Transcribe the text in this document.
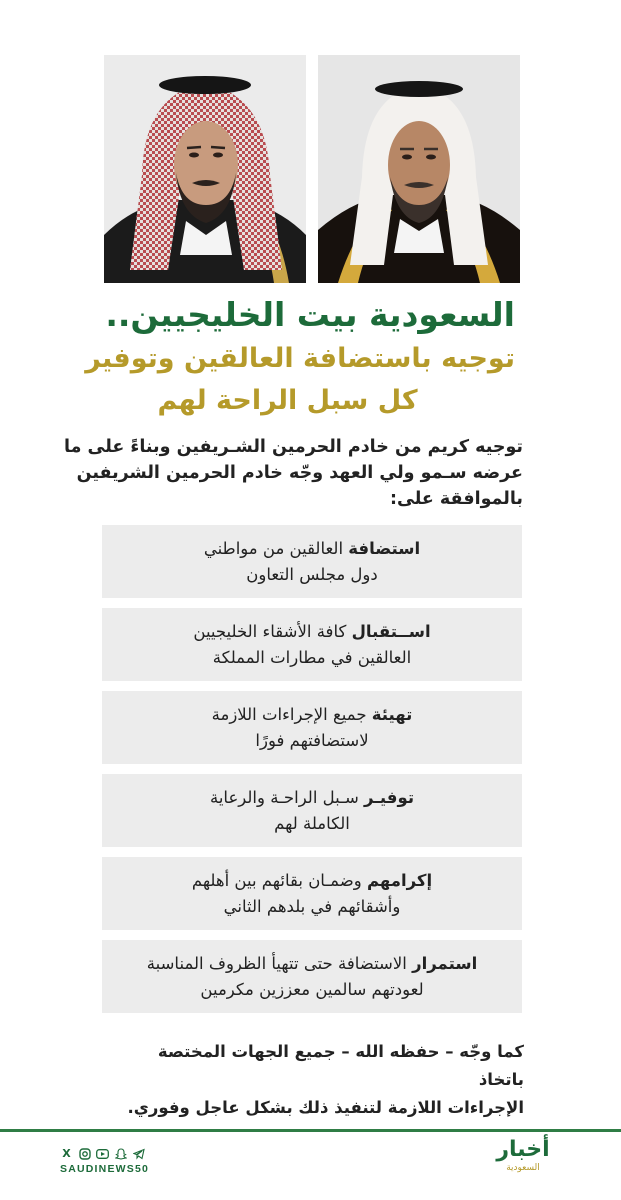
السعودية بيت الخليجيين..

توجيه باستضافة العالقين وتوفير

كل سبل الراحة لهم

توجيه كريم من خادم الحرمين الشـريفين وبناءً على ما
عرضه سـمو ولي العهد وجّه خادم الحرمين الشريفين
بالموافقة على:
استضافة العالقين من مواطني
دول مجلس التعاون
اســتقبال كافة الأشقاء الخليجيين
العالقين في مطارات المملكة
تهيئة جميع الإجراءات اللازمة
لاستضافتهم فورًا
توفيـر سـبل الراحـة والرعاية
الكاملة لهم
إكرامهم وضمـان بقائهم بين أهلهم
وأشقائهم في بلدهم الثاني
استمرار الاستضافة حتى تتهيأ الظروف المناسبة
لعودتهم سالمين معززين مكرمين
كما وجّه – حفظه الله – جميع الجهات المختصة باتخاذ
الإجراءات اللازمة لتنفيذ ذلك بشكل عاجل وفوري.
X
SAUDINEWS50
أخبار
السعودية
